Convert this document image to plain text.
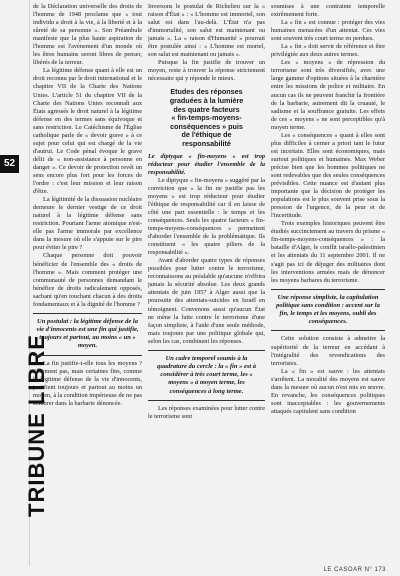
52
TRIBUNE LIBRE

de la Déclaration universelle des droits de l'homme de 1948 proclame que « tout individu a droit à la vie, à la liberté et à la sûreté de sa personne ». Son Préambule manifeste que la plus haute aspiration de l'homme est l'avènement d'un monde où les êtres humains seront libres de penser, libérés de la terreur.

La légitime défense quant à elle est un droit reconnu par le droit international et le chapitre VII de la Charte des Nations Unies. L'article 51 du chapitre VII de la Charte des Nations Unies reconnaît aux États agressés le droit naturel à la légitime défense en des termes sans équivoque et sans restriction. Le Catéchisme de l'Église catholique parle de « devoir grave » à ce sujet pour celui qui est chargé de la vie d'autrui. Le Code pénal évoque le grave délit de « non-assistance à personne en danger ». Ce devoir de protection revêt un sens encore plus fort pour les forces de l'ordre : c'est leur mission et leur raison d'être.

La légitimité de la dissuasion nucléaire demeure le dernier vestige de ce droit naturel à la légitime défense sans restriction. Pourtant l'arme atomique n'est-elle pas l'arme immorale par excellence dans la mesure où elle s'appuie sur le pire pour éviter le pire ?

Chaque personne doit pouvoir bénéficier de l'ensemble des « droits de l'homme ». Mais comment protéger une communauté de personnes demandant le bénéfice de droits radicalement opposés, sachant qu'en touchant chacun à des droits fondamentaux et à la dignité de l'homme ?

Un postulat : la légitime défense de la vie d'innocents est une fin qui justifie, toujours et partout, au moins « un » moyen.

La fin justifie-t-elle tous les moyens ? Sûrement pas, mais certaines fins, comme la légitime défense de la vie d'innocents, justifient toujours et partout au moins un moyen, à la condition impérieuse de ne pas sombrer dans la barbarie dénoncée.

Inversons le postulat de Richelieu sur la « raison d'État » : « L'homme est immortel, son salut est dans l'au-delà. L'État n'a pas d'immortalité, son salut est maintenant ou jamais ». La « raison d'Humanité » pourrait être postulée ainsi : « L'homme est mortel, son salut est maintenant ou jamais ».

Puisque la fin justifie de trouver un moyen, reste à trouver la réponse strictement nécessaire qui y réponde le mieux.

Etudes des réponses
graduées à la lumière
des quatre facteurs
« fin-temps-moyens-
conséquences » puis
de l'éthique de
responsabilité

Le diptyque « fin-moyens » est trop réducteur pour étudier l'ensemble de la responsabilité.

Le diptyque « fin-moyens » suggéré par la conviction que « la fin ne justifie pas les moyens » est trop réducteur pour étudier l'éthique de responsabilité car il en laisse de côté une part essentielle : le temps et les conséquences. Seuls les quatre facteurs « fin-temps-moyens-conséquences » permettent d'aborder l'ensemble de la problématique. Ils constituent « les quatre piliers de la responsabilité ».

Avant d'aborder quatre types de réponses possibles pour lutter contre le terrorisme, reconnaissons au préalable qu'aucune n'offrira jamais la sécurité absolue. Les deux grands attentats de juin 1957 à Alger aussi que la poursuite des attentats-suicides en Israël en témoignent. Convenons aussi qu'aucun État ne mène la lutte contre le terrorisme d'une façon simpliste, à l'aide d'une seule méthode, mais toujours par une politique globale qui, selon les cas, combinent les réponses.

Un cadre temporel soumis à la quadrature du cercle : la « fin » est à considérer à très court terme, les « moyens » à moyen terme, les conséquences à long terme.

Les réponses examinées pour lutter contre le terrorisme sont

soumises à une contrainte temporelle extrêmement forte.

La « fin » est connue : protéger des vies humaines menacées d'un attentat. Ces vies sont souvent très court terme en perdues.

La « fin » doit servir de référence et être privilégiée aux deux autres termes.

Les « moyens » de répression du terrorisme sont très diversifiés, avec une large gamme d'options situées à la charnière entre les missions de police et militaire. En aucun cas ils ne peuvent franchir la frontière de la barbarie, autrement dit la cruauté, le sadisme et la souffrance gratuite. Les effets de ces « moyens » ne sont perceptibles qu'à moyen terme.

Les « conséquences » quant à elles sont plus difficiles à cerner a priori tant le futur est incertain. Elles sont économiques, mais surtout politiques et humaines. Max Weber précise bien que les hommes politiques ne sont redevables que des seules conséquences prévisibles. Cette nuance est d'autant plus importante que la décision de protéger les populations est le plus souvent prise sous la pression de l'urgence, de la peur et de l'incertitude.

Trois exemples historiques peuvent être étudiés succinctement au travers du prisme « fin-temps-moyens-conséquences » : la bataille d'Alger, le conflit israélo-palestinien et les attentats du 11 septembre 2001. Il ne s'agit pas ici de déjuger des militaires dont les interventions armées mais de dénoncer les moyens barbares du terrorisme.

Une réponse simpliste, la capitulation politique sans condition : accent sur la fin, le temps et les moyens, oubli des conséquences.

Cette solution consiste à admettre la supériorité de la terreur en accédant à l'intégralité des revendications des terroristes.

La « fin » est sauve : les attentats s'arrêtent. La moralité des moyens est sauve dans la mesure où aucun n'est mis en œuvre. En revanche, les conséquences politiques sont inacceptables : les gouvernements attaqués capitulent sans condition

LE CASOAR N° 173
